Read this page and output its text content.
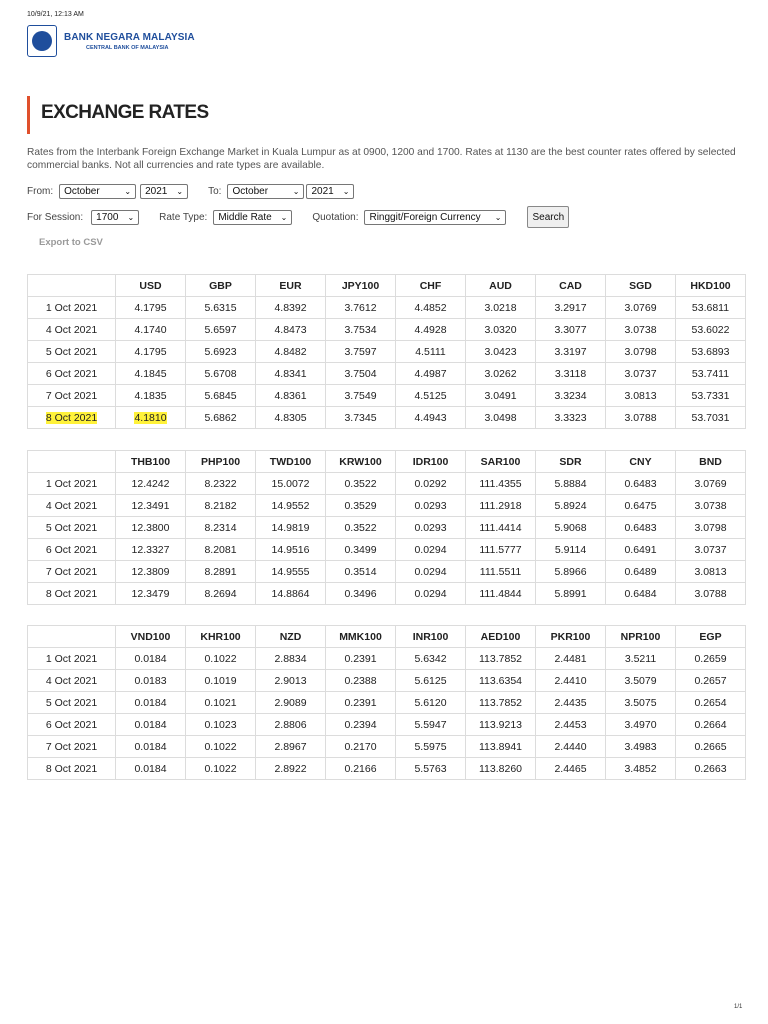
10/9/21, 12:13 AM
BANK NEGARA MALAYSIA
CENTRAL BANK OF MALAYSIA
EXCHANGE RATES
Rates from the Interbank Foreign Exchange Market in Kuala Lumpur as at 0900, 1200 and 1700. Rates at 1130 are the best counter rates offered by selected commercial banks. Not all currencies and rate types are available.
From: October	⌄ 2021 ⌄	To: October	⌄ 2021 ⌄
For Session: 1700 ⌄	Rate Type: Middle Rate ⌄	Quotation: Ringgit/Foreign Currency ⌄	Search
Export to CSV
	USD	GBP	EUR	JPY100	CHF	AUD	CAD	SGD	HKD100
1 Oct 2021	4.1795	5.6315	4.8392	3.7612	4.4852	3.0218	3.2917	3.0769	53.6811
4 Oct 2021	4.1740	5.6597	4.8473	3.7534	4.4928	3.0320	3.3077	3.0738	53.6022
5 Oct 2021	4.1795	5.6923	4.8482	3.7597	4.5111	3.0423	3.3197	3.0798	53.6893
6 Oct 2021	4.1845	5.6708	4.8341	3.7504	4.4987	3.0262	3.3118	3.0737	53.7411
7 Oct 2021	4.1835	5.6845	4.8361	3.7549	4.5125	3.0491	3.3234	3.0813	53.7331
8 Oct 2021	4.1810	5.6862	4.8305	3.7345	4.4943	3.0498	3.3323	3.0788	53.7031
	THB100	PHP100	TWD100	KRW100	IDR100	SAR100	SDR	CNY	BND
1 Oct 2021	12.4242	8.2322	15.0072	0.3522	0.0292	111.4355	5.8884	0.6483	3.0769
4 Oct 2021	12.3491	8.2182	14.9552	0.3529	0.0293	111.2918	5.8924	0.6475	3.0738
5 Oct 2021	12.3800	8.2314	14.9819	0.3522	0.0293	111.4414	5.9068	0.6483	3.0798
6 Oct 2021	12.3327	8.2081	14.9516	0.3499	0.0294	111.5777	5.9114	0.6491	3.0737
7 Oct 2021	12.3809	8.2891	14.9555	0.3514	0.0294	111.5511	5.8966	0.6489	3.0813
8 Oct 2021	12.3479	8.2694	14.8864	0.3496	0.0294	111.4844	5.8991	0.6484	3.0788
	VND100	KHR100	NZD	MMK100	INR100	AED100	PKR100	NPR100	EGP
1 Oct 2021	0.0184	0.1022	2.8834	0.2391	5.6342	113.7852	2.4481	3.5211	0.2659
4 Oct 2021	0.0183	0.1019	2.9013	0.2388	5.6125	113.6354	2.4410	3.5079	0.2657
5 Oct 2021	0.0184	0.1021	2.9089	0.2391	5.6120	113.7852	2.4435	3.5075	0.2654
6 Oct 2021	0.0184	0.1023	2.8806	0.2394	5.5947	113.9213	2.4453	3.4970	0.2664
7 Oct 2021	0.0184	0.1022	2.8967	0.2170	5.5975	113.8941	2.4440	3.4983	0.2665
8 Oct 2021	0.0184	0.1022	2.8922	0.2166	5.5763	113.8260	2.4465	3.4852	0.2663
1/1
